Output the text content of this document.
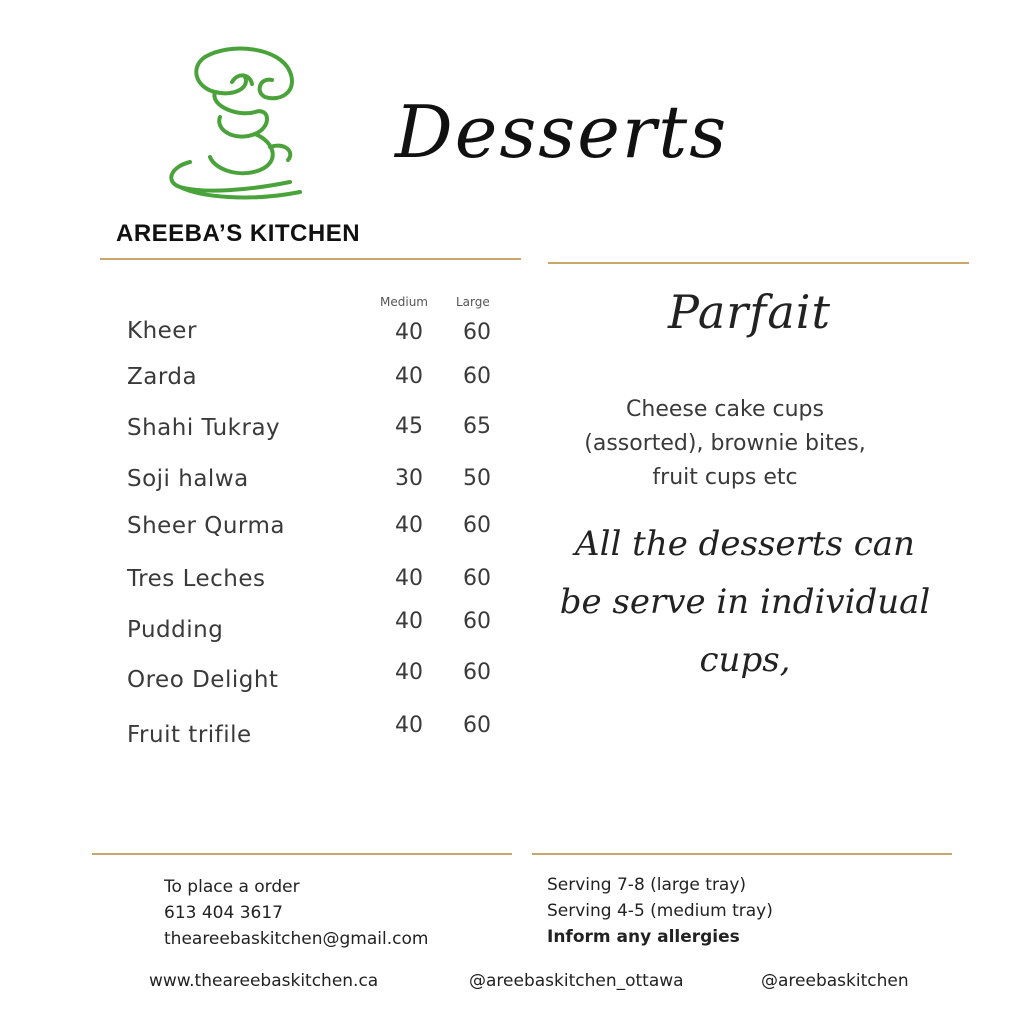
AREEBA’S KITCHEN
Desserts
Medium Large
Kheer	40	60
Zarda	40	60
Shahi Tukray	45	65
Soji halwa	30	50
Sheer Qurma	40	60
Tres Leches	40	60
Pudding	40	60
Oreo Delight	40	60
Fruit trifile	40	60
Parfait
Cheese cake cups
(assorted), brownie bites,
fruit cups etc
All the desserts can
be serve in individual
cups,
To place a order
613 404 3617
theareebaskitchen@gmail.com
Serving 7-8 (large tray)
Serving 4-5 (medium tray)
Inform any allergies
www.theareebaskitchen.ca	@areebaskitchen_ottawa	@areebaskitchen
